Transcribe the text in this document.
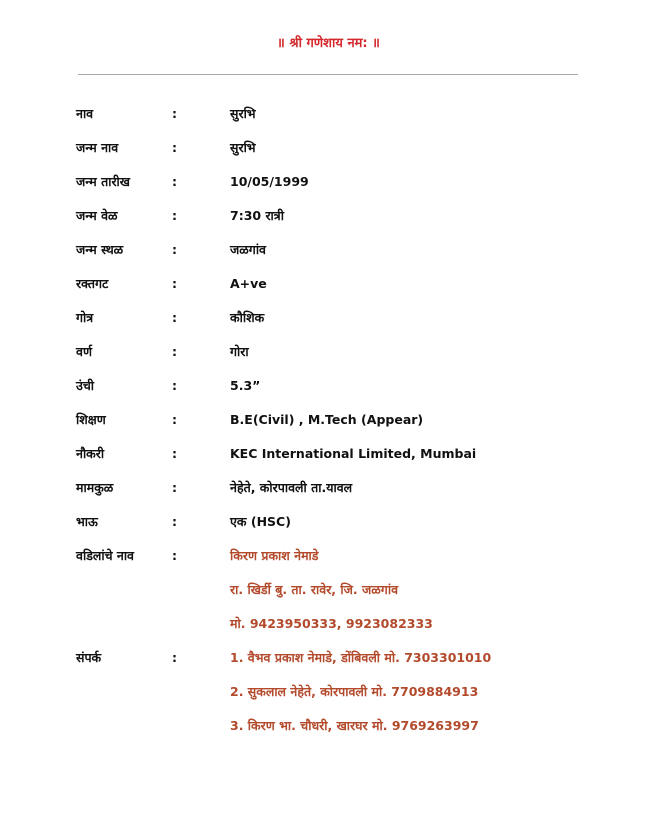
॥ श्री गणेशाय नम: ॥
नाव	:	सुरभि
जन्म नाव	:	सुरभि
जन्म तारीख	:	10/05/1999
जन्म वेळ	:	7:30 रात्री
जन्म स्थळ	:	जळगांव
रक्तगट	:	A+ve
गोत्र	:	कौशिक
वर्ण	:	गोरा
उंची	:	5.3”
शिक्षण	:	B.E(Civil) , M.Tech (Appear)
नौकरी	:	KEC International Limited, Mumbai
मामकुळ	:	नेहेते, कोरपावली ता.यावल
भाऊ	:	एक (HSC)
वडिलांचे नाव	:	किरण प्रकाश नेमाडे
रा. खिर्डी बु. ता. रावेर, जि. जळगांव
मो. 9423950333, 9923082333
संपर्क	:	1. वैभव प्रकाश नेमाडे, डोंबिवली मो. 7303301010
2. सुकलाल नेहेते, कोरपावली मो. 7709884913
3. किरण भा. चौधरी, खारघर मो. 9769263997
